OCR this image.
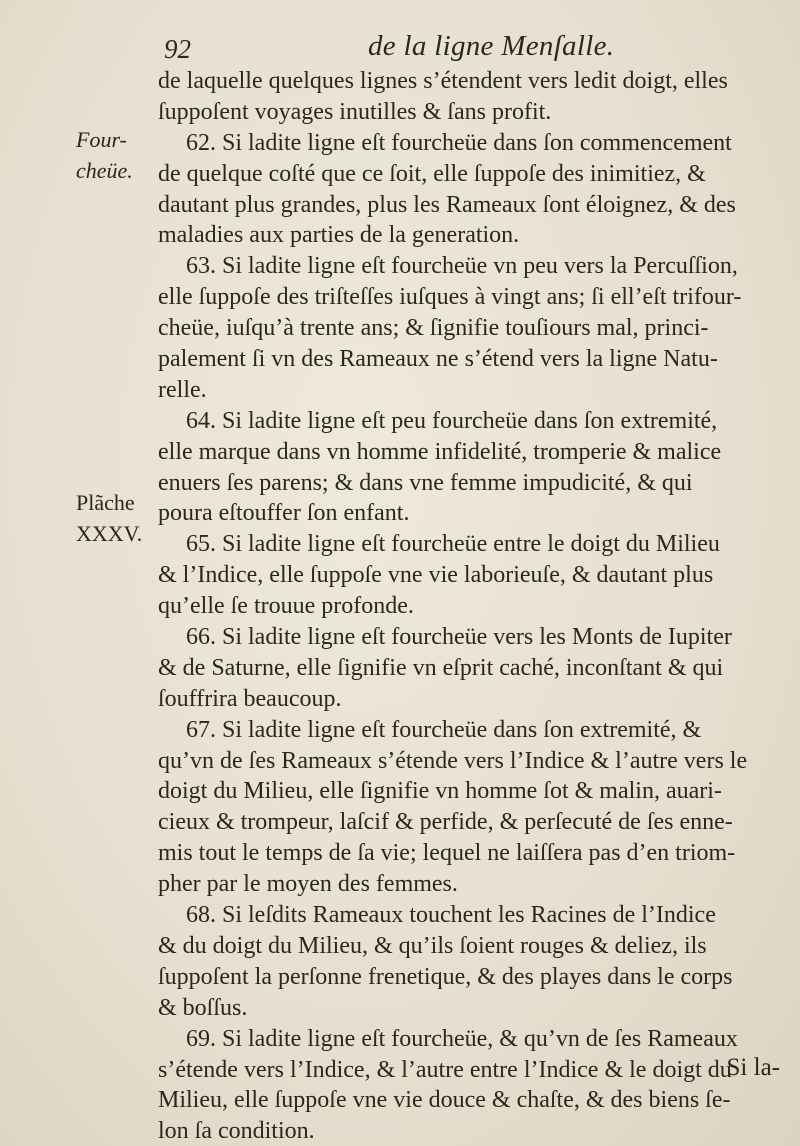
92	de la ligne Menſalle.
Four-
cheüe.
Plãche
XXXV.
de laquelle quelques lignes s’étendent vers ledit doigt, elles
ſuppoſent voyages inutilles & ſans profit.
62. Si ladite ligne eſt fourcheüe dans ſon commencement
de quelque coſté que ce ſoit, elle ſuppoſe des inimitiez, &
dautant plus grandes, plus les Rameaux ſont éloignez, & des
maladies aux parties de la generation.
63. Si ladite ligne eſt fourcheüe vn peu vers la Percuſſion,
elle ſuppoſe des triſteſſes iuſques à vingt ans; ſi ell’eſt trifour-
cheüe, iuſqu’à trente ans; & ſignifie touſiours mal, princi-
palement ſi vn des Rameaux ne s’étend vers la ligne Natu-
relle.
64. Si ladite ligne eſt peu fourcheüe dans ſon extremité,
elle marque dans vn homme infidelité, tromperie & malice
enuers ſes parens; & dans vne femme impudicité, & qui
poura eſtouffer ſon enfant.
65. Si ladite ligne eſt fourcheüe entre le doigt du Milieu
& l’Indice, elle ſuppoſe vne vie laborieuſe, & dautant plus
qu’elle ſe trouue profonde.
66. Si ladite ligne eſt fourcheüe vers les Monts de Iupiter
& de Saturne, elle ſignifie vn eſprit caché, inconſtant & qui
ſouffrira beaucoup.
67. Si ladite ligne eſt fourcheüe dans ſon extremité, &
qu’vn de ſes Rameaux s’étende vers l’Indice & l’autre vers le
doigt du Milieu, elle ſignifie vn homme ſot & malin, auari-
cieux & trompeur, laſcif & perfide, & perſecuté de ſes enne-
mis tout le temps de ſa vie; lequel ne laiſſera pas d’en triom-
pher par le moyen des femmes.
68. Si leſdits Rameaux touchent les Racines de l’Indice
& du doigt du Milieu, & qu’ils ſoient rouges & deliez, ils
ſuppoſent la perſonne frenetique, & des playes dans le corps
& boſſus.
69. Si ladite ligne eſt fourcheüe, & qu’vn de ſes Rameaux
s’étende vers l’Indice, & l’autre entre l’Indice & le doigt du
Milieu, elle ſuppoſe vne vie douce & chaſte, & des biens ſe-
lon ſa condition.
Si la-
